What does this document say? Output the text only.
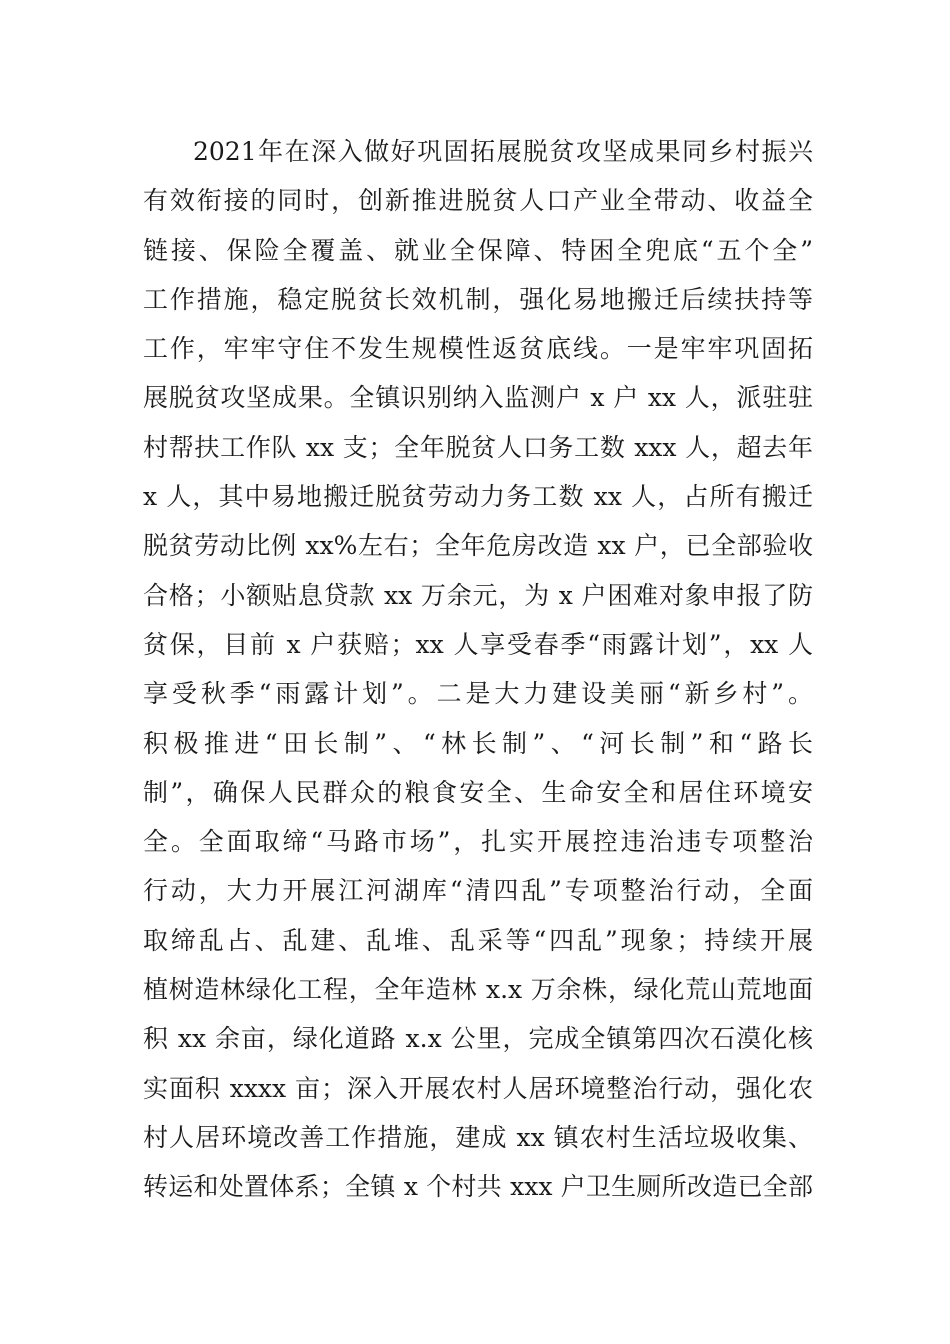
2021年在深入做好巩固拓展脱贫攻坚成果同乡村振兴
有效衔接的同时，创新推进脱贫人口产业全带动、收益全
链接、保险全覆盖、就业全保障、特困全兜底“五个全”
工作措施，稳定脱贫长效机制，强化易地搬迁后续扶持等
工作，牢牢守住不发生规模性返贫底线。一是牢牢巩固拓
展脱贫攻坚成果。全镇识别纳入监测户 x 户 xx 人，派驻驻
村帮扶工作队 xx 支；全年脱贫人口务工数 xxx 人，超去年
x 人，其中易地搬迁脱贫劳动力务工数 xx 人，占所有搬迁
脱贫劳动比例 xx%左右；全年危房改造 xx 户，已全部验收
合格；小额贴息贷款 xx 万余元，为 x 户困难对象申报了防
贫保，目前 x 户获赔；xx 人享受春季“雨露计划”，xx 人
享受秋季“雨露计划”。二是大力建设美丽“新乡村”。
积极推进“田长制”、“林长制”、“河长制”和“路长
制”，确保人民群众的粮食安全、生命安全和居住环境安
全。全面取缔“马路市场”，扎实开展控违治违专项整治
行动，大力开展江河湖库“清四乱”专项整治行动，全面
取缔乱占、乱建、乱堆、乱采等“四乱”现象；持续开展
植树造林绿化工程，全年造林 x.x 万余株，绿化荒山荒地面
积 xx 余亩，绿化道路 x.x 公里，完成全镇第四次石漠化核
实面积 xxxx 亩；深入开展农村人居环境整治行动，强化农
村人居环境改善工作措施，建成 xx 镇农村生活垃圾收集、
转运和处置体系；全镇 x 个村共 xxx 户卫生厕所改造已全部
